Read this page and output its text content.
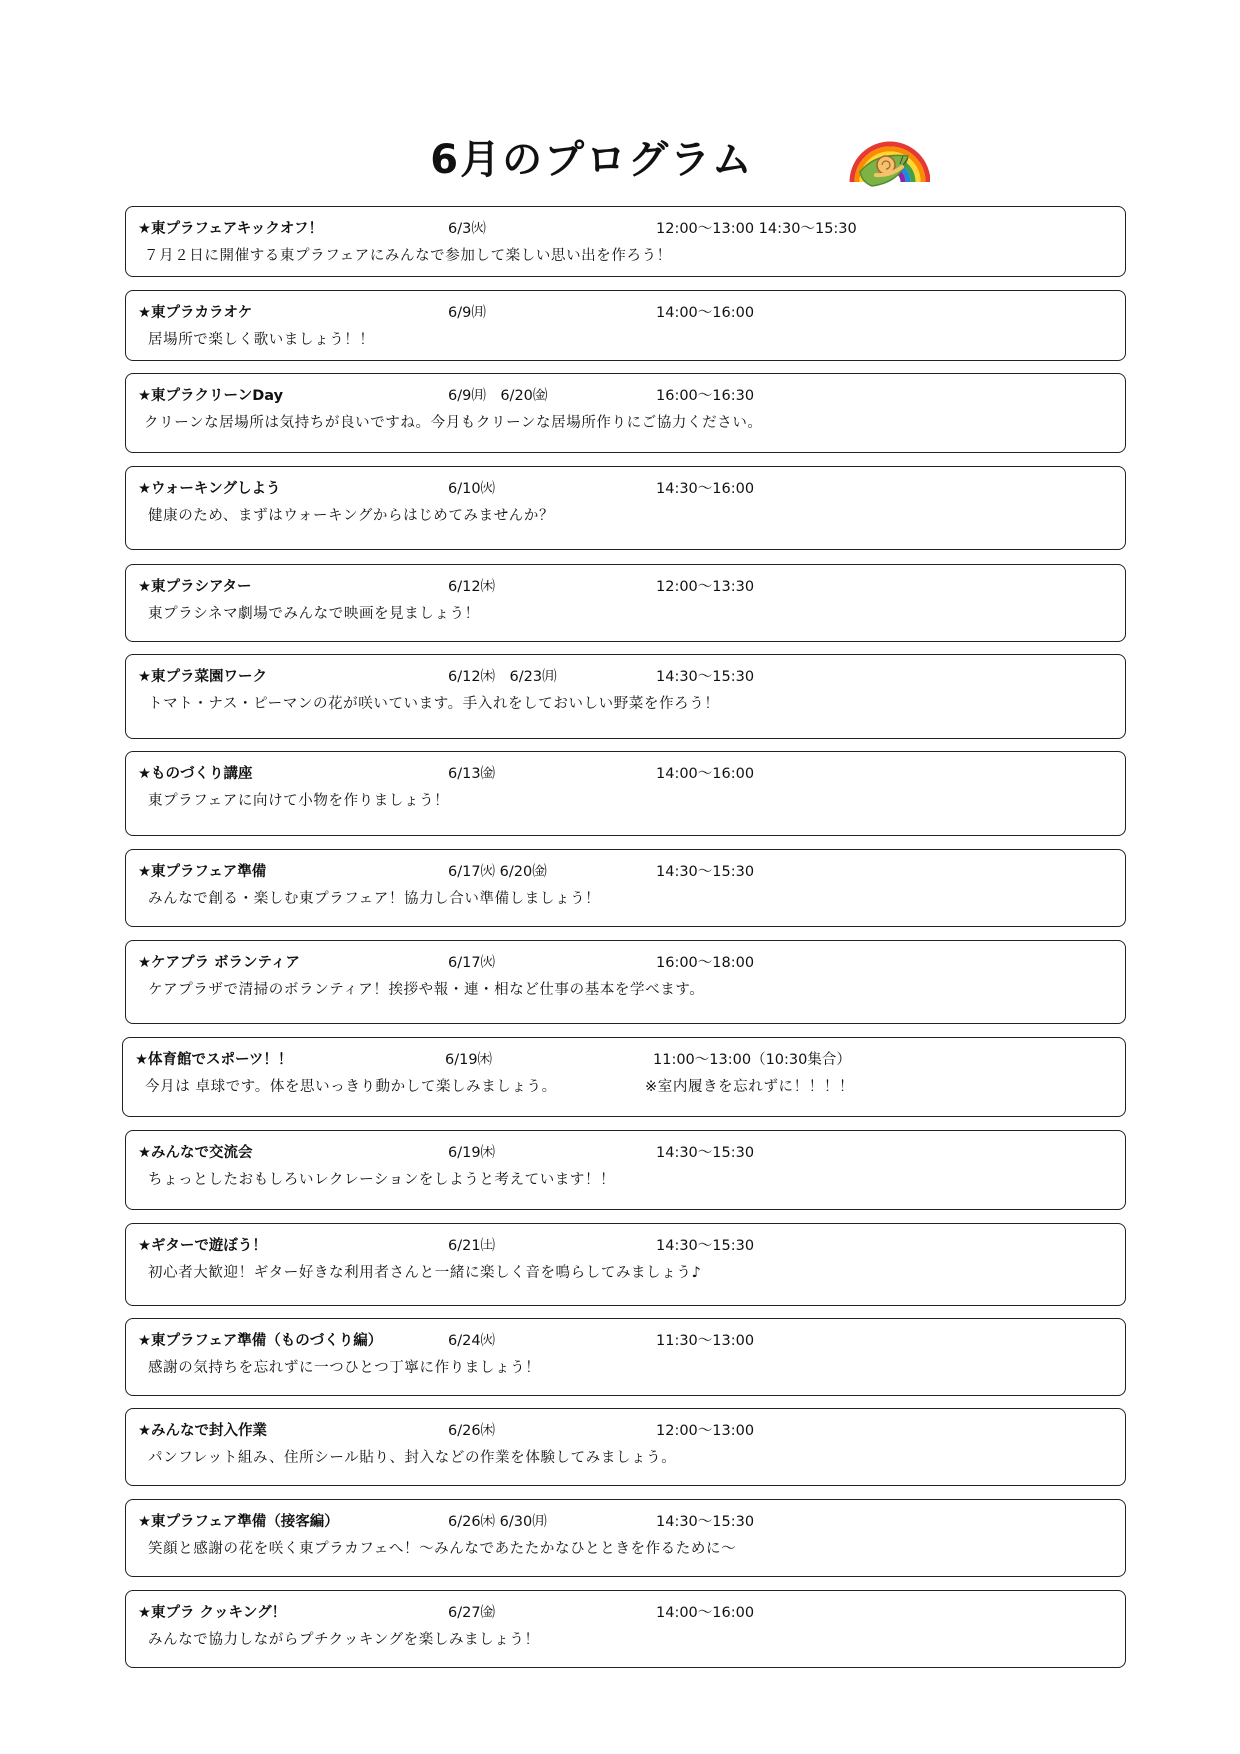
6月のプログラム
★東プラフェアキックオフ！	6/3㈫	12:00～13:00 14:30～15:30
７月２日に開催する東プラフェアにみんなで参加して楽しい思い出を作ろう！
★東プラカラオケ	6/9㈪	14:00～16:00
居場所で楽しく歌いましょう！！
★東プラクリーンDay	6/9㈪　6/20㈮	16:00～16:30
クリーンな居場所は気持ちが良いですね。今月もクリーンな居場所作りにご協力ください。
★ウォーキングしよう	6/10㈫	14:30～16:00
健康のため、まずはウォーキングからはじめてみませんか？
★東プラシアター	6/12㈭	12:00～13:30
東プラシネマ劇場でみんなで映画を見ましょう！
★東プラ菜園ワーク	6/12㈭　6/23㈪	14:30～15:30
トマト・ナス・ピーマンの花が咲いています。手入れをしておいしい野菜を作ろう！
★ものづくり講座	6/13㈮	14:00～16:00
東プラフェアに向けて小物を作りましょう！
★東プラフェア準備	6/17㈫ 6/20㈮	14:30～15:30
みんなで創る・楽しむ東プラフェア！協力し合い準備しましょう！
★ケアプラ ボランティア	6/17㈫	16:00～18:00
ケアプラザで清掃のボランティア！挨拶や報・連・相など仕事の基本を学べます。
★体育館でスポーツ！！	6/19㈭	11:00～13:00（10:30集合）
今月は 卓球です。体を思いっきり動かして楽しみましょう。	※室内履きを忘れずに！！！！
★みんなで交流会	6/19㈭	14:30～15:30
ちょっとしたおもしろいレクレーションをしようと考えています！！
★ギターで遊ぼう！	6/21㈯	14:30～15:30
初心者大歓迎！ギター好きな利用者さんと一緒に楽しく音を鳴らしてみましょう♪
★東プラフェア準備（ものづくり編）	6/24㈫	11:30～13:00
感謝の気持ちを忘れずに一つひとつ丁寧に作りましょう！
★みんなで封入作業	6/26㈭	12:00～13:00
パンフレット組み、住所シール貼り、封入などの作業を体験してみましょう。
★東プラフェア準備（接客編）	6/26㈭ 6/30㈪	14:30～15:30
笑顔と感謝の花を咲く東プラカフェへ！～みんなであたたかなひとときを作るために～
★東プラ クッキング！	6/27㈮	14:00～16:00
みんなで協力しながらプチクッキングを楽しみましょう！
